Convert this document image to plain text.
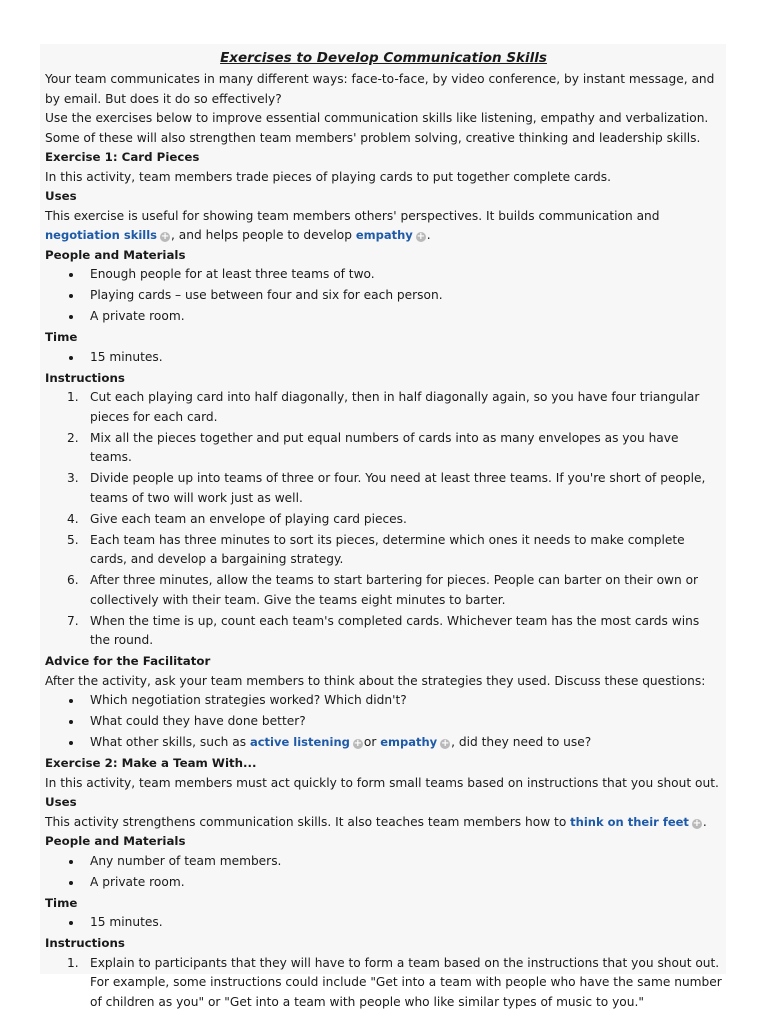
Exercises to Develop Communication Skills

Your team communicates in many different ways: face-to-face, by video conference, by instant message, and by email. But does it do so effectively?

Use the exercises below to improve essential communication skills like listening, empathy and verbalization. Some of these will also strengthen team members' problem solving, creative thinking and leadership skills.

Exercise 1: Card Pieces

In this activity, team members trade pieces of playing cards to put together complete cards.

Uses

This exercise is useful for showing team members others' perspectives. It builds communication and negotiation skills + , and helps people to develop empathy + .

People and Materials

Enough people for at least three teams of two.
Playing cards – use between four and six for each person.
A private room.

Time

15 minutes.

Instructions

1. Cut each playing card into half diagonally, then in half diagonally again, so you have four triangular pieces for each card.
2. Mix all the pieces together and put equal numbers of cards into as many envelopes as you have teams.
3. Divide people up into teams of three or four. You need at least three teams. If you're short of people, teams of two will work just as well.
4. Give each team an envelope of playing card pieces.
5. Each team has three minutes to sort its pieces, determine which ones it needs to make complete cards, and develop a bargaining strategy.
6. After three minutes, allow the teams to start bartering for pieces. People can barter on their own or collectively with their team. Give the teams eight minutes to barter.
7. When the time is up, count each team's completed cards. Whichever team has the most cards wins the round.

Advice for the Facilitator

After the activity, ask your team members to think about the strategies they used. Discuss these questions:

Which negotiation strategies worked? Which didn't?
What could they have done better?
What other skills, such as active listening + or empathy + , did they need to use?

Exercise 2: Make a Team With...

In this activity, team members must act quickly to form small teams based on instructions that you shout out.

Uses

This activity strengthens communication skills. It also teaches team members how to think on their feet + .

People and Materials

Any number of team members.
A private room.

Time

15 minutes.

Instructions

1. Explain to participants that they will have to form a team based on the instructions that you shout out. For example, some instructions could include "Get into a team with people who have the same number of children as you" or "Get into a team with people who like similar types of music to you."
